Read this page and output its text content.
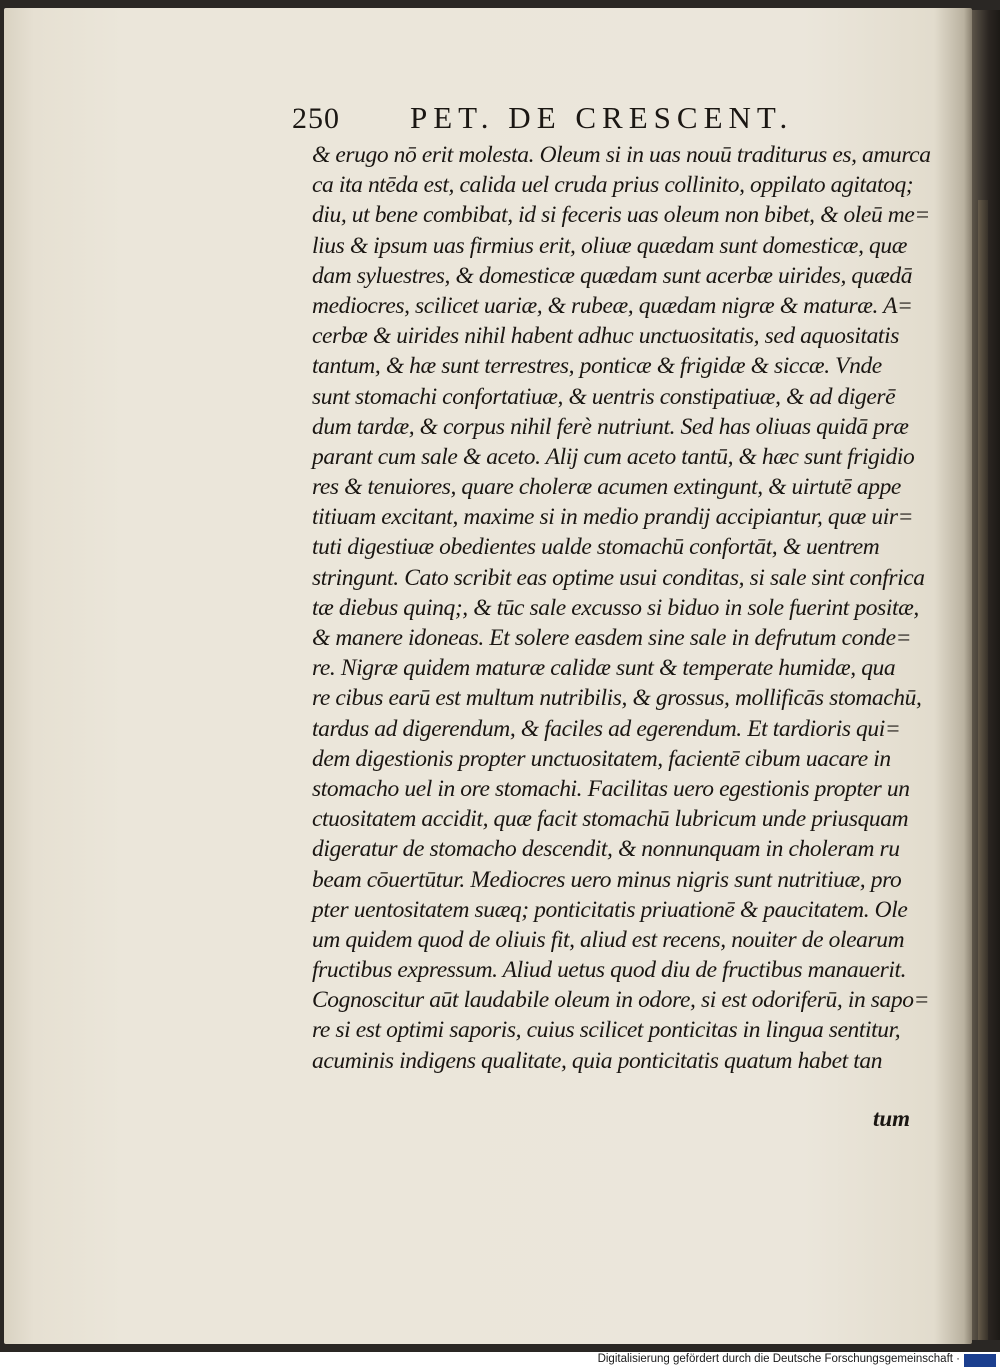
250 PET. DE CRESCENT.
& erugo nō erit molesta. Oleum si in uas nouū traditurus es, amurca
ca ita ntēda est, calida uel cruda prius collinito, oppilato agitatoq;
diu, ut bene combibat, id si feceris uas oleum non bibet, & oleū me=
lius & ipsum uas firmius erit, oliuæ quædam sunt domesticæ, quæ
dam syluestres, & domesticæ quædam sunt acerbæ uirides, quædā
mediocres, scilicet uariæ, & rubeæ, quædam nigræ & maturæ. A=
cerbæ & uirides nihil habent adhuc unctuositatis, sed aquositatis
tantum, & hæ sunt terrestres, ponticæ & frigidæ & siccæ. Vnde
sunt stomachi confortatiuæ, & uentris constipatiuæ, & ad digerē
dum tardæ, & corpus nihil ferè nutriunt. Sed has oliuas quidā præ
parant cum sale & aceto. Alij cum aceto tantū, & hæc sunt frigidio
res & tenuiores, quare choleræ acumen extingunt, & uirtutē appe
titiuam excitant, maxime si in medio prandij accipiantur, quæ uir=
tuti digestiuæ obedientes ualde stomachū confortāt, & uentrem
stringunt. Cato scribit eas optime usui conditas, si sale sint confrica
tæ diebus quinq;, & tūc sale excusso si biduo in sole fuerint positæ,
& manere idoneas. Et solere easdem sine sale in defrutum conde=
re. Nigræ quidem maturæ calidæ sunt & temperate humidæ, qua
re cibus earū est multum nutribilis, & grossus, mollificās stomachū,
tardus ad digerendum, & faciles ad egerendum. Et tardioris qui=
dem digestionis propter unctuositatem, facientē cibum uacare in
stomacho uel in ore stomachi. Facilitas uero egestionis propter un
ctuositatem accidit, quæ facit stomachū lubricum unde priusquam
digeratur de stomacho descendit, & nonnunquam in choleram ru
beam cōuertūtur. Mediocres uero minus nigris sunt nutritiuæ, pro
pter uentositatem suæq; ponticitatis priuationē & paucitatem. Ole
um quidem quod de oliuis fit, aliud est recens, nouiter de olearum
fructibus expressum. Aliud uetus quod diu de fructibus manauerit.
Cognoscitur aūt laudabile oleum in odore, si est odoriferū, in sapo=
re si est optimi saporis, cuius scilicet ponticitas in lingua sentitur,
acuminis indigens qualitate, quia ponticitatis quatum habet tan
tum
Digitalisierung gefördert durch die Deutsche Forschungsgemeinschaft ·
